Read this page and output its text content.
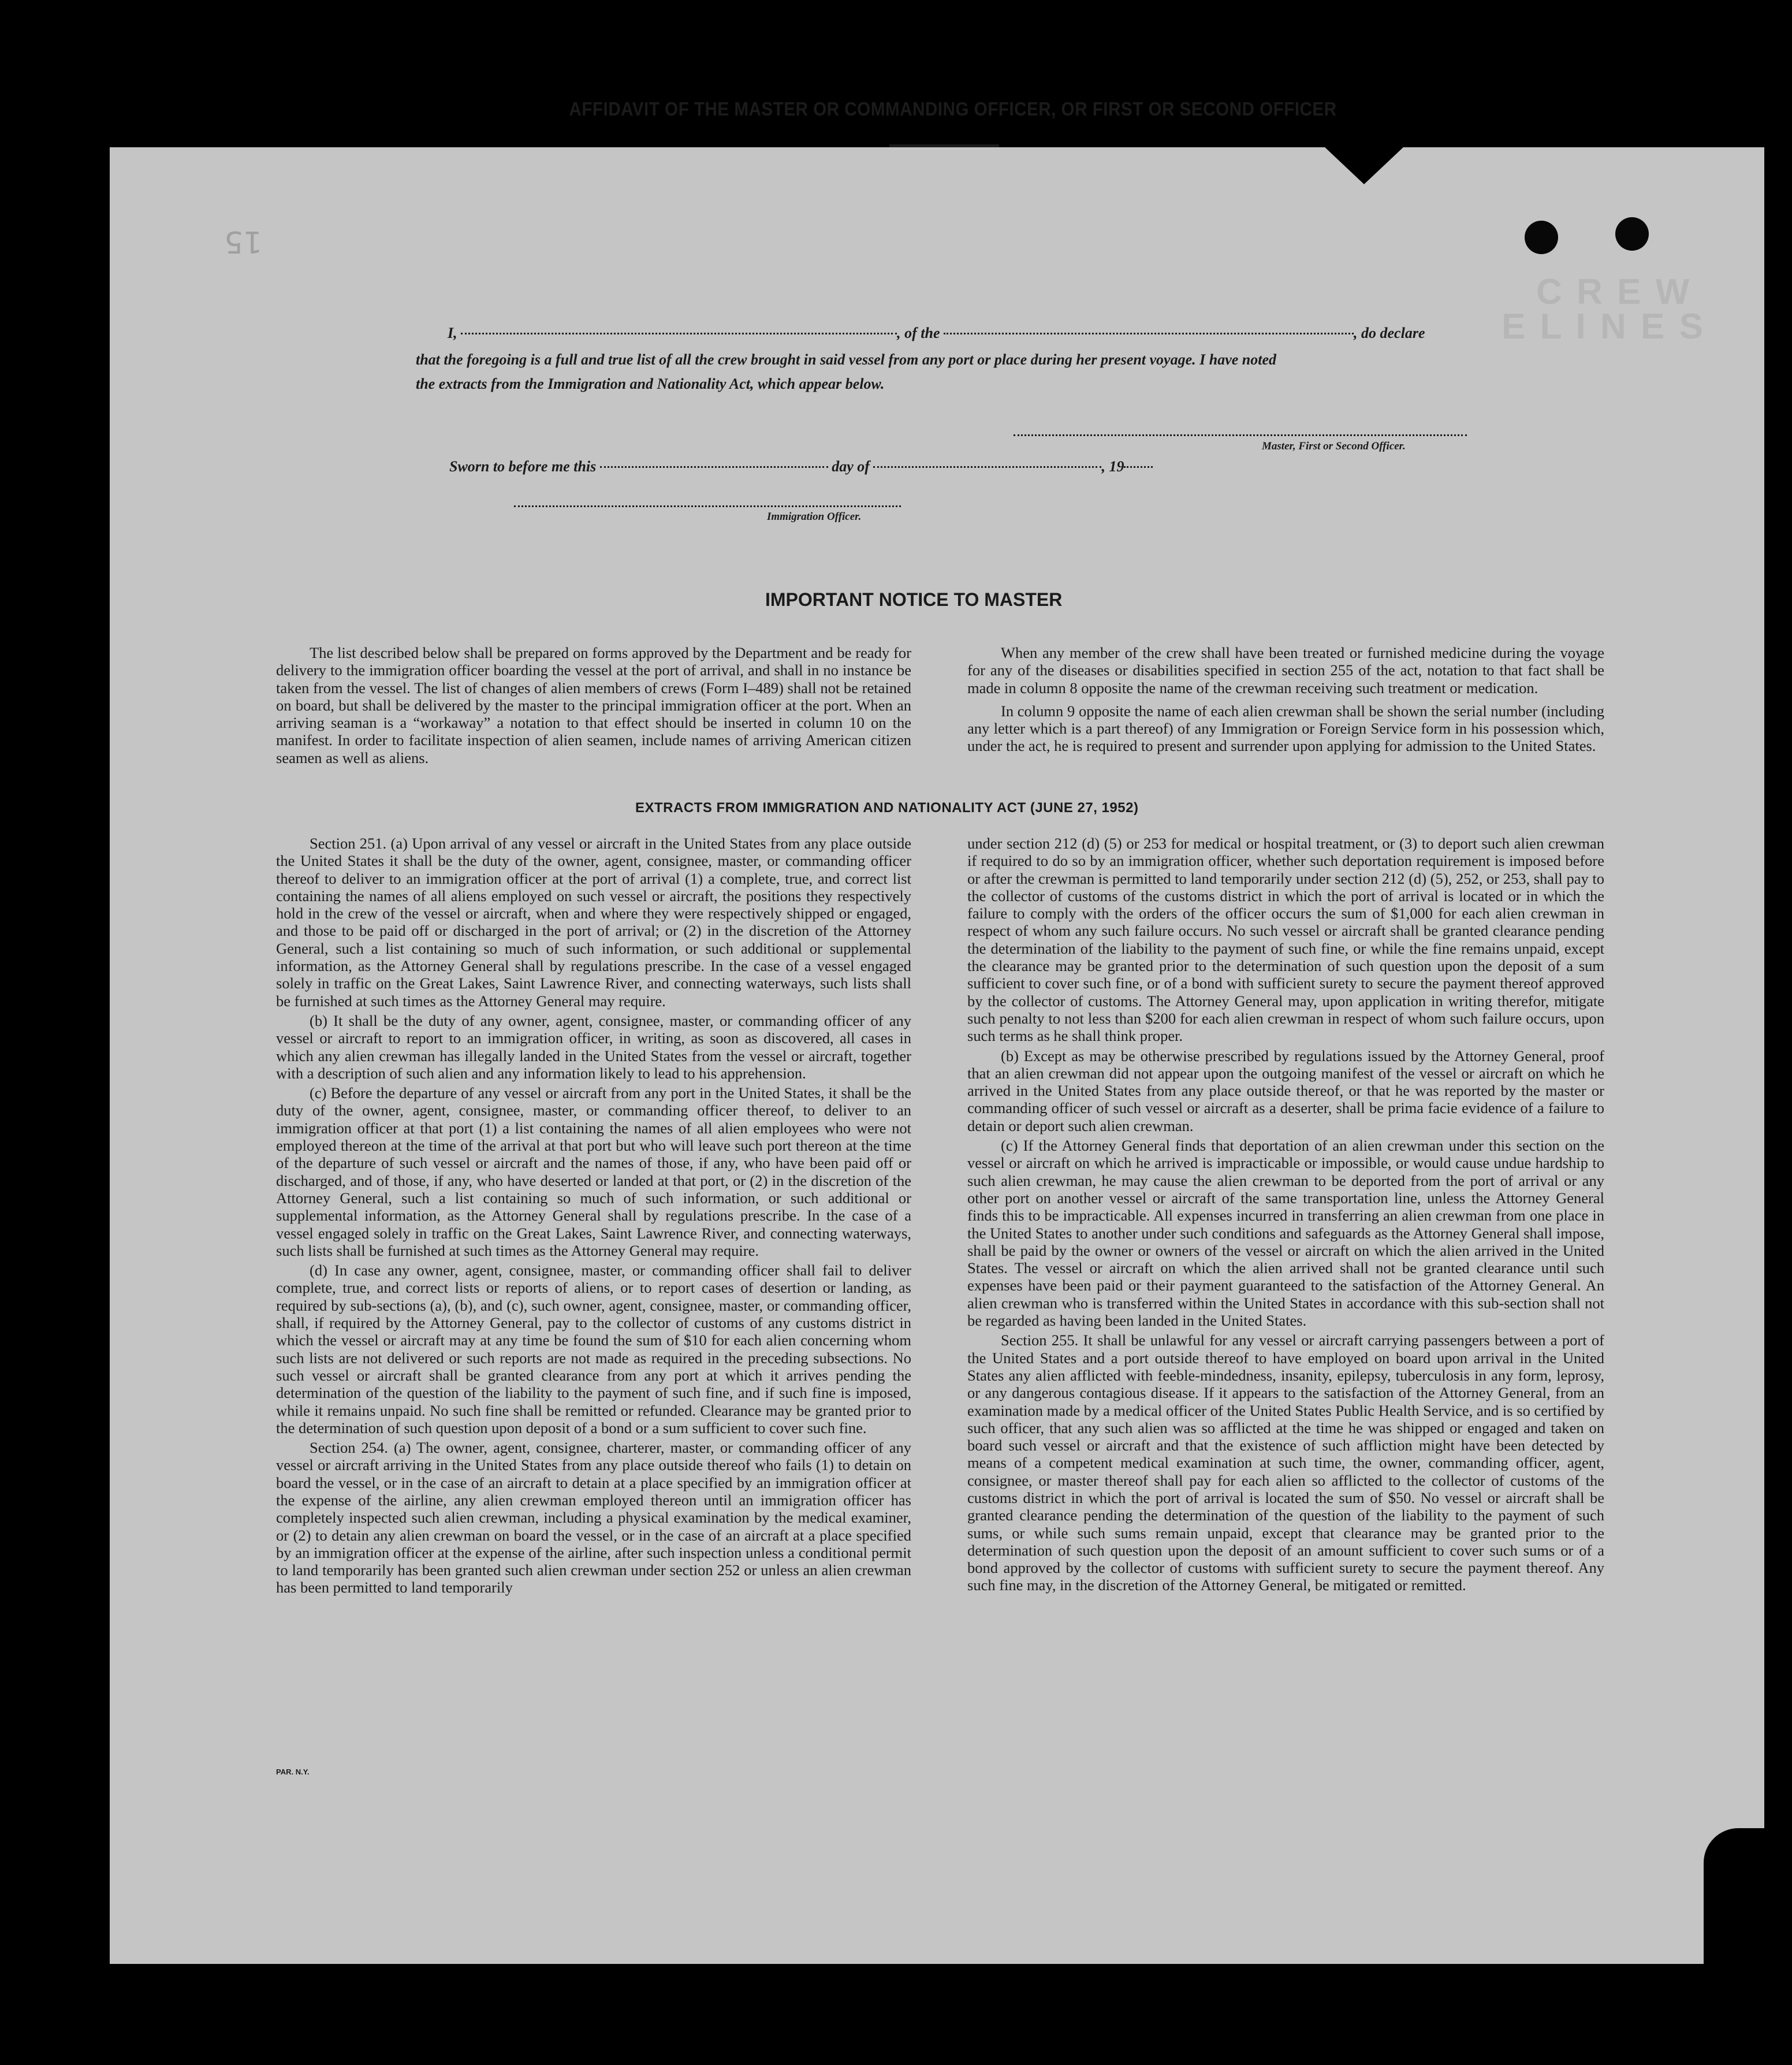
15
C R E W
E L I N E S
AFFIDAVIT OF THE MASTER OR COMMANDING OFFICER, OR FIRST OR SECOND OFFICER
I,	, of the	, do declare
that the foregoing is a full and true list of all the crew brought in said vessel from any port or place during her present voyage. I have noted
the extracts from the Immigration and Nationality Act, which appear below.
Master, First or Second Officer.
Sworn to before me this	day of	, 19
Immigration Officer.
IMPORTANT NOTICE TO MASTER

The list described below shall be prepared on forms approved by the Department and be ready for delivery to the immigration officer boarding the vessel at the port of arrival, and shall in no instance be taken from the vessel. The list of changes of alien members of crews (Form I–489) shall not be retained on board, but shall be delivered by the master to the principal immigration officer at the port. When an arriving seaman is a “workaway” a notation to that effect should be inserted in column 10 on the manifest. In order to facilitate inspection of alien seamen, include names of arriving American citizen seamen as well as aliens.

When any member of the crew shall have been treated or furnished medicine during the voyage for any of the diseases or disabilities specified in section 255 of the act, notation to that fact shall be made in column 8 opposite the name of the crewman receiving such treatment or medication.

In column 9 opposite the name of each alien crewman shall be shown the serial number (including any letter which is a part thereof) of any Immigration or Foreign Service form in his possession which, under the act, he is required to present and surrender upon applying for admission to the United States.

EXTRACTS FROM IMMIGRATION AND NATIONALITY ACT (JUNE 27, 1952)

Section 251. (a) Upon arrival of any vessel or aircraft in the United States from any place outside the United States it shall be the duty of the owner, agent, consignee, master, or commanding officer thereof to deliver to an immigration officer at the port of arrival (1) a complete, true, and correct list containing the names of all aliens employed on such vessel or aircraft, the positions they respectively hold in the crew of the vessel or aircraft, when and where they were respectively shipped or engaged, and those to be paid off or discharged in the port of arrival; or (2) in the discretion of the Attorney General, such a list containing so much of such information, or such additional or supplemental information, as the Attorney General shall by regulations prescribe. In the case of a vessel engaged solely in traffic on the Great Lakes, Saint Lawrence River, and connecting waterways, such lists shall be furnished at such times as the Attorney General may require.

(b) It shall be the duty of any owner, agent, consignee, master, or commanding officer of any vessel or aircraft to report to an immigration officer, in writing, as soon as discovered, all cases in which any alien crewman has illegally landed in the United States from the vessel or aircraft, together with a description of such alien and any information likely to lead to his apprehension.

(c) Before the departure of any vessel or aircraft from any port in the United States, it shall be the duty of the owner, agent, consignee, master, or commanding officer thereof, to deliver to an immigration officer at that port (1) a list containing the names of all alien employees who were not employed thereon at the time of the arrival at that port but who will leave such port thereon at the time of the departure of such vessel or aircraft and the names of those, if any, who have been paid off or discharged, and of those, if any, who have deserted or landed at that port, or (2) in the discretion of the Attorney General, such a list containing so much of such information, or such additional or supplemental information, as the Attorney General shall by regulations prescribe. In the case of a vessel engaged solely in traffic on the Great Lakes, Saint Lawrence River, and connecting waterways, such lists shall be furnished at such times as the Attorney General may require.

(d) In case any owner, agent, consignee, master, or commanding officer shall fail to deliver complete, true, and correct lists or reports of aliens, or to report cases of desertion or landing, as required by sub-sections (a), (b), and (c), such owner, agent, consignee, master, or commanding officer, shall, if required by the Attorney General, pay to the collector of customs of any customs district in which the vessel or aircraft may at any time be found the sum of $10 for each alien concerning whom such lists are not delivered or such reports are not made as required in the preceding subsections. No such vessel or aircraft shall be granted clearance from any port at which it arrives pending the determination of the question of the liability to the payment of such fine, and if such fine is imposed, while it remains unpaid. No such fine shall be remitted or refunded. Clearance may be granted prior to the determination of such question upon deposit of a bond or a sum sufficient to cover such fine.

Section 254. (a) The owner, agent, consignee, charterer, master, or commanding officer of any vessel or aircraft arriving in the United States from any place outside thereof who fails (1) to detain on board the vessel, or in the case of an aircraft to detain at a place specified by an immigration officer at the expense of the airline, any alien crewman employed thereon until an immigration officer has completely inspected such alien crewman, including a physical examination by the medical examiner, or (2) to detain any alien crewman on board the vessel, or in the case of an aircraft at a place specified by an immigration officer at the expense of the airline, after such inspection unless a conditional permit to land temporarily has been granted such alien crewman under section 252 or unless an alien crewman has been permitted to land temporarily

under section 212 (d) (5) or 253 for medical or hospital treatment, or (3) to deport such alien crewman if required to do so by an immigration officer, whether such deportation requirement is imposed before or after the crewman is permitted to land temporarily under section 212 (d) (5), 252, or 253, shall pay to the collector of customs of the customs district in which the port of arrival is located or in which the failure to comply with the orders of the officer occurs the sum of $1,000 for each alien crewman in respect of whom any such failure occurs. No such vessel or aircraft shall be granted clearance pending the determination of the liability to the payment of such fine, or while the fine remains unpaid, except the clearance may be granted prior to the determination of such question upon the deposit of a sum sufficient to cover such fine, or of a bond with sufficient surety to secure the payment thereof approved by the collector of customs. The Attorney General may, upon application in writing therefor, mitigate such penalty to not less than $200 for each alien crewman in respect of whom such failure occurs, upon such terms as he shall think proper.

(b) Except as may be otherwise prescribed by regulations issued by the Attorney General, proof that an alien crewman did not appear upon the outgoing manifest of the vessel or aircraft on which he arrived in the United States from any place outside thereof, or that he was reported by the master or commanding officer of such vessel or aircraft as a deserter, shall be prima facie evidence of a failure to detain or deport such alien crewman.

(c) If the Attorney General finds that deportation of an alien crewman under this section on the vessel or aircraft on which he arrived is impracticable or impossible, or would cause undue hardship to such alien crewman, he may cause the alien crewman to be deported from the port of arrival or any other port on another vessel or aircraft of the same transportation line, unless the Attorney General finds this to be impracticable. All expenses incurred in transferring an alien crewman from one place in the United States to another under such conditions and safeguards as the Attorney General shall impose, shall be paid by the owner or owners of the vessel or aircraft on which the alien arrived in the United States. The vessel or aircraft on which the alien arrived shall not be granted clearance until such expenses have been paid or their payment guaranteed to the satisfaction of the Attorney General. An alien crewman who is transferred within the United States in accordance with this sub-section shall not be regarded as having been landed in the United States.

Section 255. It shall be unlawful for any vessel or aircraft carrying passengers between a port of the United States and a port outside thereof to have employed on board upon arrival in the United States any alien afflicted with feeble-mindedness, insanity, epilepsy, tuberculosis in any form, leprosy, or any dangerous contagious disease. If it appears to the satisfaction of the Attorney General, from an examination made by a medical officer of the United States Public Health Service, and is so certified by such officer, that any such alien was so afflicted at the time he was shipped or engaged and taken on board such vessel or aircraft and that the existence of such affliction might have been detected by means of a competent medical examination at such time, the owner, commanding officer, agent, consignee, or master thereof shall pay for each alien so afflicted to the collector of customs of the customs district in which the port of arrival is located the sum of $50. No vessel or aircraft shall be granted clearance pending the determination of the question of the liability to the payment of such sums, or while such sums remain unpaid, except that clearance may be granted prior to the determination of such question upon the deposit of an amount sufficient to cover such sums or of a bond approved by the collector of customs with sufficient surety to secure the payment thereof. Any such fine may, in the discretion of the Attorney General, be mitigated or remitted.

PAR. N.Y.
